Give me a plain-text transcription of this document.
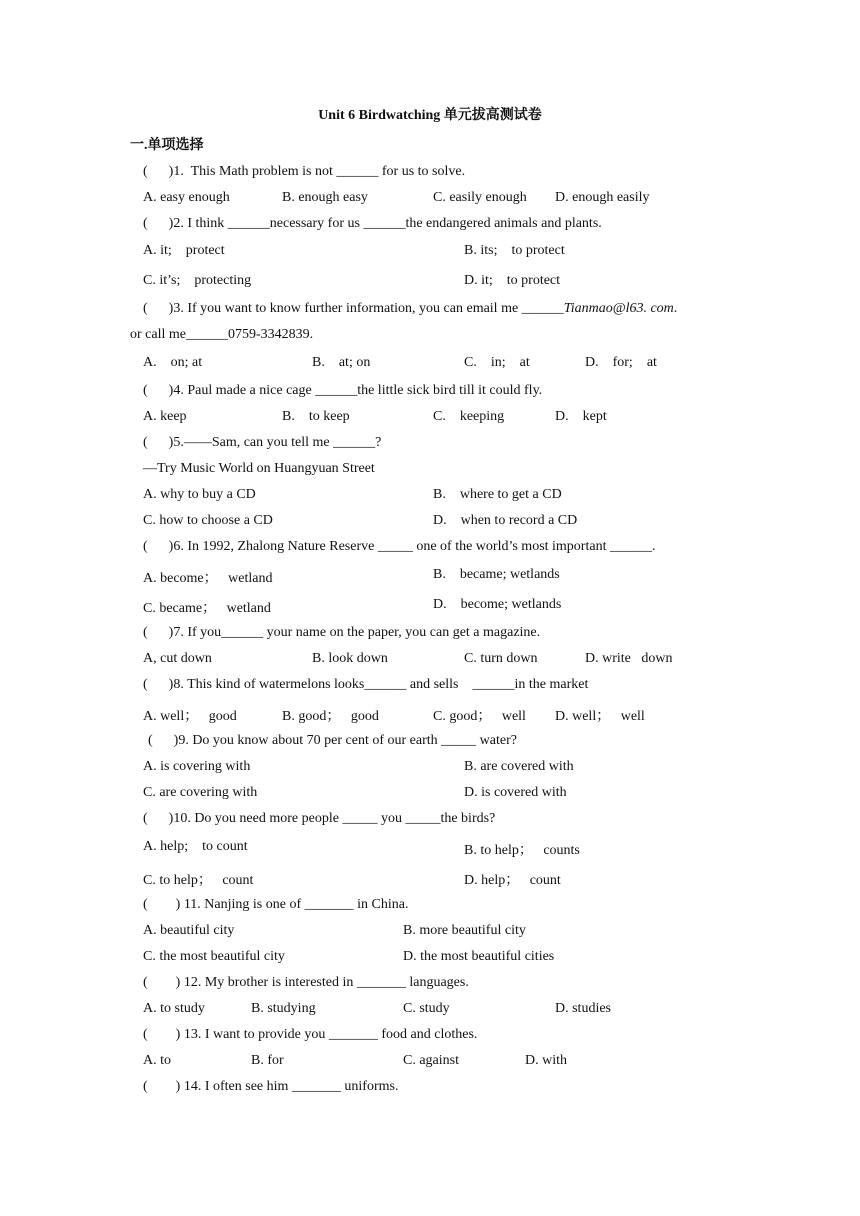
Unit 6 Birdwatching 单元拔高测试卷
一.单项选择
(      )1.  This Math problem is not ______ for us to solve.
A. easy enough	B. enough easy	C. easily enough D. enough easily
(      )2. I think ______necessary for us ______the endangered animals and plants.
A. it;    protect	B. its;    to protect
C. it’s;    protecting	D. it;    to protect
(      )3. If you want to know further information, you can email me ______Tianmao@l63. com.
or call me______0759-3342839.
A.    on; at	B.    at; on	C.    in;    at	D.    for;    at
(      )4. Paul made a nice cage ______the little sick bird till it could fly.
A. keep	B.    to keep	C.    keeping	D.    kept
(      )5.——Sam, can you tell me ______?
—Try Music World on Huangyuan Street
A. why to buy a CD	B.    where to get a CD
C. how to choose a CD	D.    when to record a CD
(      )6. In 1992, Zhalong Nature Reserve _____ one of the world’s most important ______.
A. become；   wetland	B.    became; wetlands
C. became；   wetland	D.    become; wetlands
(      )7. If you______ your name on the paper, you can get a magazine.
A, cut down	B. look down	C. turn down	D. write   down
(      )8. This kind of watermelons looks______ and sells    ______in the market
A. well；   good	B. good；   good	C. good；   well D. well；   well
(      )9. Do you know about 70 per cent of our earth _____ water?
A. is covering with	B. are covered with
C. are covering with	D. is covered with
(      )10. Do you need more people _____ you _____the birds?
A. help;    to count	B. to help；   counts
C. to help；   count	D. help；   count
(        ) 11. Nanjing is one of _______ in China.
A. beautiful city	B. more beautiful city
C. the most beautiful city	D. the most beautiful cities
(        ) 12. My brother is interested in _______ languages.
A. to study	B. studying	C. study	D. studies
(        ) 13. I want to provide you _______ food and clothes.
A. to	B. for	C. against	D. with
(        ) 14. I often see him _______ uniforms.
